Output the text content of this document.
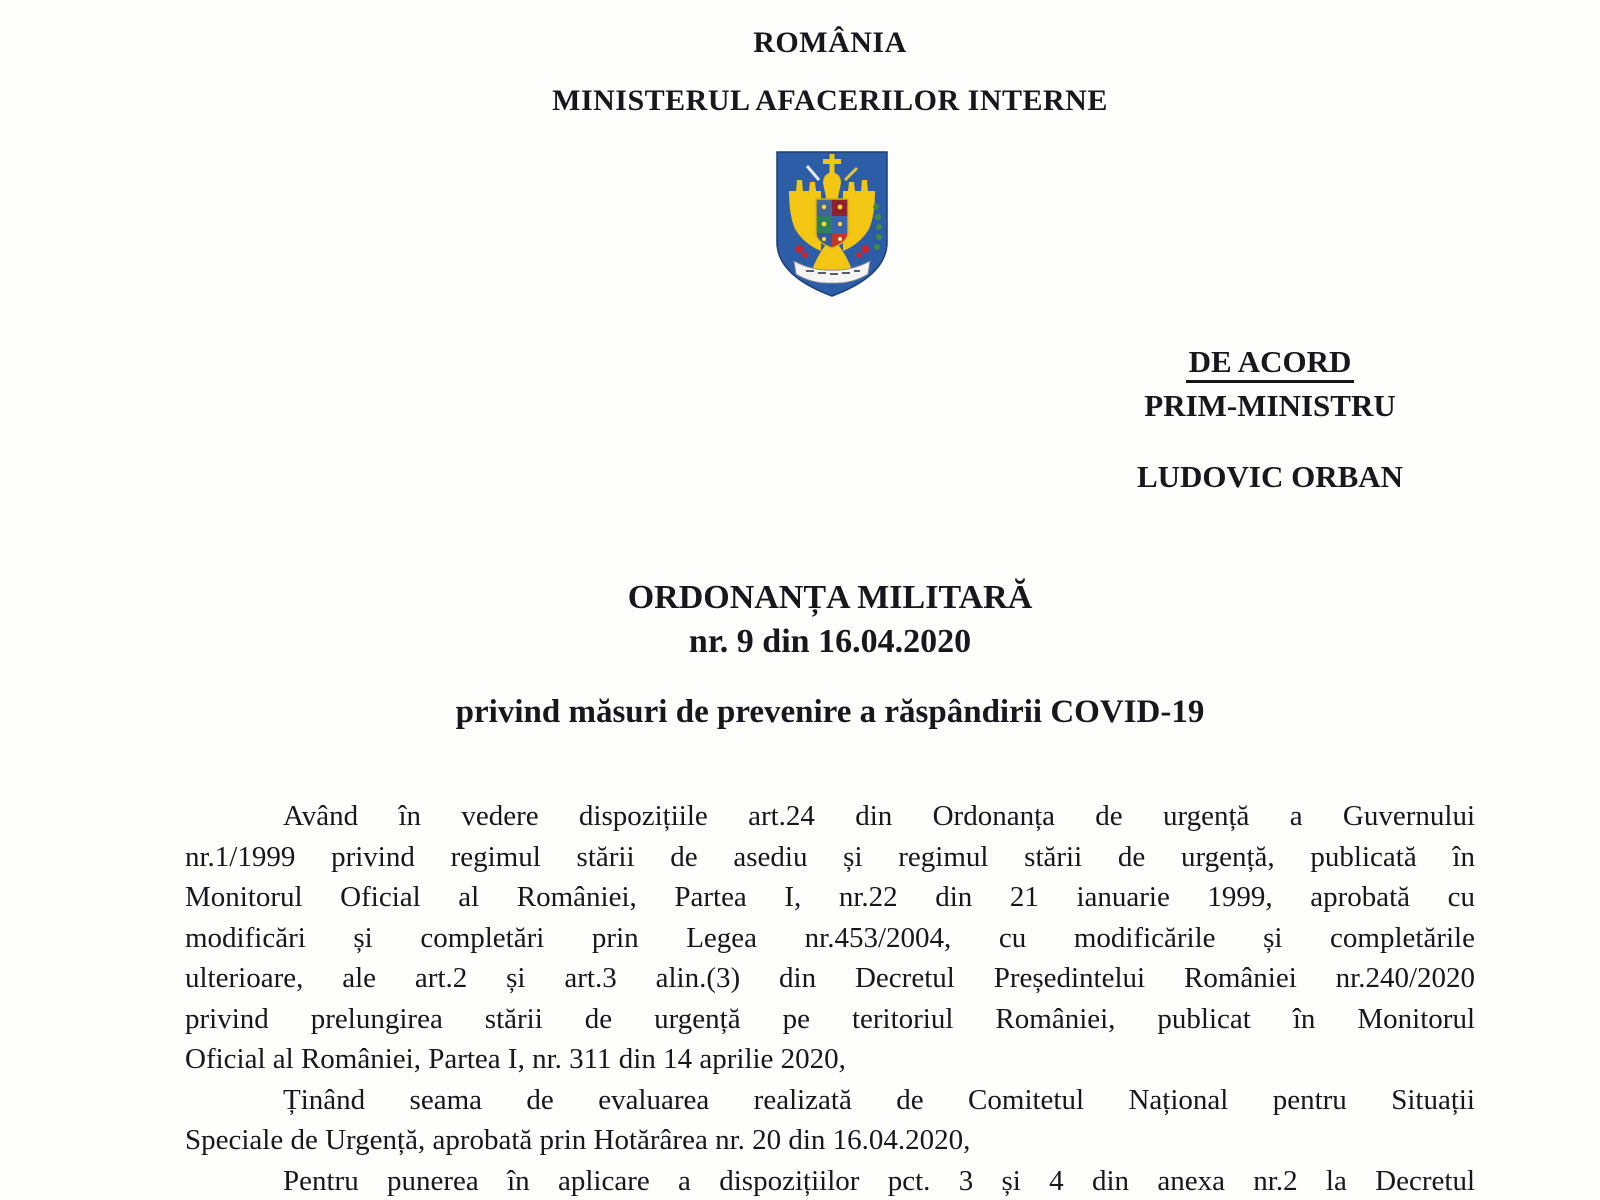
ROMÂNIA
MINISTERUL AFACERILOR INTERNE
DE ACORD
PRIM-MINISTRU
LUDOVIC ORBAN
ORDONANȚA MILITARĂ
nr. 9 din 16.04.2020
privind măsuri de prevenire a răspândirii COVID-19
Având în vedere dispozițiile art.24 din Ordonanța de urgență a Guvernului
nr.1/1999 privind regimul stării de asediu și regimul stării de urgență, publicată în
Monitorul Oficial al României, Partea I, nr.22 din 21 ianuarie 1999, aprobată cu
modificări și completări prin Legea nr.453/2004, cu modificările și completările
ulterioare, ale art.2 și art.3 alin.(3) din Decretul Președintelui României nr.240/2020
privind prelungirea stării de urgență pe teritoriul României, publicat în Monitorul
Oficial al României, Partea I, nr. 311 din 14 aprilie 2020,
Ținând seama de evaluarea realizată de Comitetul Național pentru Situații
Speciale de Urgență, aprobată prin Hotărârea nr. 20 din 16.04.2020,
Pentru punerea în aplicare a dispozițiilor pct. 3 și 4 din anexa nr.2 la Decretul
